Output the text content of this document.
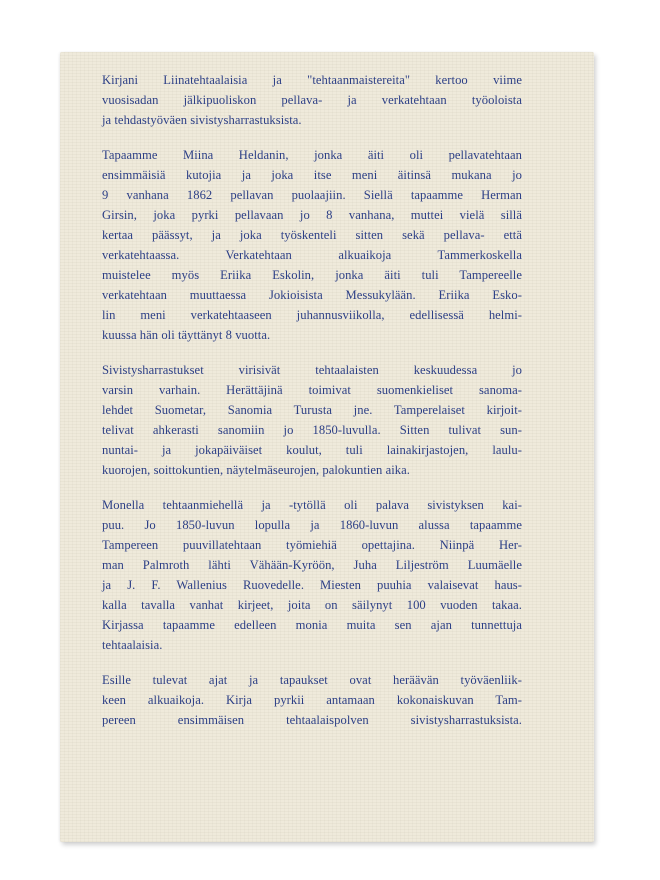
Kirjani Liinatehtaalaisia ja "tehtaanmaistereita" kertoo viime
vuosisadan jälkipuoliskon pellava- ja verkatehtaan työoloista
ja tehdastyöväen sivistysharrastuksista.

Tapaamme Miina Heldanin, jonka äiti oli pellavatehtaan
ensimmäisiä kutojia ja joka itse meni äitinsä mukana jo
9 vanhana 1862 pellavan puolaajiin. Siellä tapaamme Herman
Girsin, joka pyrki pellavaan jo 8 vanhana, muttei vielä sillä
kertaa päässyt, ja joka työskenteli sitten sekä pellava- että
verkatehtaassa. Verkatehtaan alkuaikoja Tammerkoskella
muistelee myös Eriika Eskolin, jonka äiti tuli Tampereelle
verkatehtaan muuttaessa Jokioisista Messukylään. Eriika Esko-
lin meni verkatehtaaseen juhannusviikolla, edellisessä helmi-
kuussa hän oli täyttänyt 8 vuotta.

Sivistysharrastukset virisivät tehtaalaisten keskuudessa jo
varsin varhain. Herättäjinä toimivat suomenkieliset sanoma-
lehdet Suometar, Sanomia Turusta jne. Tamperelaiset kirjoit-
telivat ahkerasti sanomiin jo 1850-luvulla. Sitten tulivat sun-
nuntai- ja jokapäiväiset koulut, tuli lainakirjastojen, laulu-
kuorojen, soittokuntien, näytelmäseurojen, palokuntien aika.

Monella tehtaanmiehellä ja -tytöllä oli palava sivistyksen kai-
puu. Jo 1850-luvun lopulla ja 1860-luvun alussa tapaamme
Tampereen puuvillatehtaan työmiehiä opettajina. Niinpä Her-
man Palmroth lähti Vähään-Kyröön, Juha Liljeström Luumäelle
ja J. F. Wallenius Ruovedelle. Miesten puuhia valaisevat haus-
kalla tavalla vanhat kirjeet, joita on säilynyt 100 vuoden takaa.
Kirjassa tapaamme edelleen monia muita sen ajan tunnettuja
tehtaalaisia.

Esille tulevat ajat ja tapaukset ovat heräävän työväenliik-
keen alkuaikoja. Kirja pyrkii antamaan kokonaiskuvan Tam-
pereen ensimmäisen tehtaalaispolven sivistysharrastuksista.
